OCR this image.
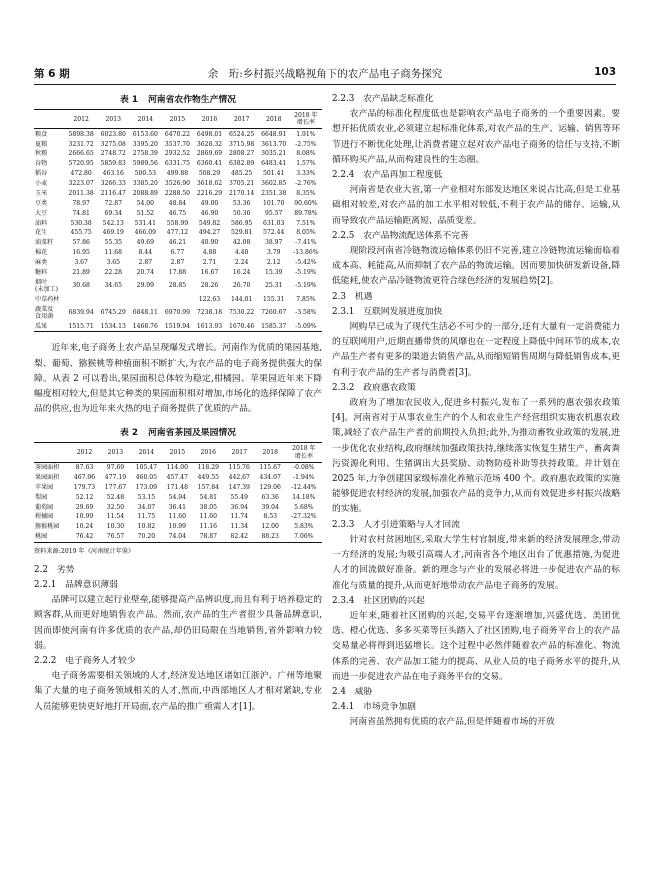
第 6 期	余　珩:乡村振兴战略视角下的农产品电子商务探究	103
表 1 河南省农作物生产情况
	2012	2013	2014	2015	2016	2017	2018	2018 年
增长率
粮食	5898.38	6023.80	6153.60	6470.22	6498.01	6524.25	6648.91	1.91%
夏粮	3231.72	3275.08	3395.20	3537.70	3628.32	3715.98	3613.70	-2.75%
秋粮	2666.65	2748.72	2758.39	2932.52	2869.69	2808.27	3035.21	8.08%
谷物	5720.95	5859.83	5989.56	6331.75	6360.41	6382.89	6483.41	1.57%
稻谷	472.80	463.16	500.53	499.88	508.29	485.25	501.41	3.33%
小麦	3223.07	3266.33	3385.20	3526.90	3618.62	3705.21	3602.85	-2.76%
玉米	2011.38	2116.47	2088.89	2288.50	2216.29	2170.14	2351.38	8.35%
豆类	78.97	72.87	54.00	48.84	49.00	53.36	101.70	90.60%
大豆	74.81	69.34	51.52	46.75	46.90	50.36	95.57	89.78%
油料	530.38	542.13	531.41	558.99	549.82	586.95	631.03	7.51%
花生	455.75	469.19	466.09	477.12	494.27	529.81	572.44	8.05%
油菜籽	57.86	55.35	49.69	46.21	40.90	42.08	38.97	-7.41%
棉花	16.95	11.68	8.44	6.77	4.88	4.40	3.79	-13.86%
麻类	3.67	3.65	2.87	2.87	2.71	2.24	2.12	-5.42%
糖料	21.89	22.28	20.74	17.88	16.67	16.24	15.39	-5.19%
烟叶
(未加工)	30.68	34.65	29.99	28.85	28.26	26.70	25.31	-5.19%
中草药材					122.63	144.01	155.31	7.85%
蔬菜及
食用菌	6839.94	6745.29	6848.11	6970.99	7238.18	7530.22	7260.67	-3.58%
瓜果	1515.71	1534.13	1468.76	1519.94	1613.93	1670.46	1585.37	-5.09%

近年来,电子商务上农产品呈现爆发式增长。河南作为优质的果园基地,梨、葡萄、猕猴桃等种植面积不断扩大,为农产品的电子商务提供强大的保障。从表 2 可以看出,果园面积总体较为稳定,柑橘园、苹果园近年来下降幅度相对较大,但是其它种类的果园面积相对增加,市场化的选择保障了农产品的供应,也为近年来火热的电子商务提供了优质的产品。

表 2 河南省茶园及果园情况
	2012	2013	2014	2015	2016	2017	2018	2018 年
增长率
茶园面积	87.63	97.69	105.47	114.00	118.29	115.76	115.67	-0.08%
果园面积	467.96	477.19	460.05	457.47	449.55	442.67	434.07	-1.94%
苹果园	179.73	177.67	173.09	171.48	157.84	147.39	129.06	-12.44%
梨园	52.12	52.48	53.15	54.94	54.81	55.49	63.36	14.18%
葡萄园	29.69	32.50	34.07	36.41	38.05	36.94	39.04	5.68%
柑橘园	10.99	11.54	11.75	11.60	11.60	11.74	8.53	-27.32%
猕猴桃园	10.24	10.30	10.82	10.99	11.16	11.34	12.00	5.83%
桃园	76.42	76.57	70.20	74.04	78.87	82.42	88.23	7.06%
资料来源:2019 年《河南统计年鉴》

2.2　劣势

2.2.1　品牌意识薄弱

品牌可以建立起行业壁垒,能够提高产品辨识度,而且有利于培养稳定的顾客群,从而更好地销售农产品。然而,农产品的生产者很少具备品牌意识,因而即使河南有许多优质的农产品,却仍旧局限在当地销售,省外影响力较弱。

2.2.2　电子商务人才较少

电子商务需要相关领域的人才,经济发达地区诸如江浙沪、广州等地聚集了大量的电子商务领域相关的人才,然而,中西部地区人才相对紧缺,专业人员能够更快更好地打开局面,农产品的推广亟需人才[1]。

2.2.3　农产品缺乏标准化

农产品的标准化程度低也是影响农产品电子商务的一个重要因素。要想开拓优质农业,必须建立起标准化体系,对农产品的生产、运输、销售等环节进行不断优化处理,让消费者建立起对农产品电子商务的信任与支持,不断循环购买产品,从而构建良性的生态圈。

2.2.4　农产品再加工程度低

河南省是农业大省,第一产业相对东部发达地区来说占比高,但是工业基础相对较差,对农产品的加工水平相对较低,不利于农产品的储存、运输,从而导致农产品运输距离短、品质变差。

2.2.5　农产品物流配送体系不完善

现阶段河南省冷链物流运输体系仍旧不完善,建立冷链物流运输面临着成本高、耗能高,从而抑制了农产品的物流运输。因而要加快研发新设备,降低能耗,使农产品冷链物流更符合绿色经济的发展趋势[2]。

2.3　机遇

2.3.1　互联网发展进度加快

网购早已成为了现代生活必不可少的一部分,还有大量有一定消费能力的互联网用户,近期直播带货的风靡也在一定程度上降低中间环节的成本,农产品生产者有更多的渠道去销售产品,从而缩短销售周期与降低销售成本,更有利于农产品的生产者与消费者[3]。

2.3.2　政府惠农政策

政府为了增加农民收入,促进乡村振兴,发布了一系列的惠农强农政策[4]。河南省对于从事农业生产的个人和农业生产经营组织实施农机惠农政策,减轻了农产品生产者的前期投入负担;此外,为推动畜牧业政策的发展,进一步优化农业结构,政府继续加强政策扶持,继续落实恢复生猪生产、畜禽粪污资源化利用、生猪调出大县奖励、动物防疫补助等扶持政策。并计划在 2025 年,力争创建国家级标准化养殖示范场 400 个。政府惠农政策的实施能够促进农村经济的发展,加强农产品的竞争力,从而有效促进乡村振兴战略的实施。

2.3.3　人才引进策略与人才回流

针对农村贫困地区,采取大学生村官制度,带来新的经济发展理念,带动一方经济的发展;为吸引高端人才,河南省各个地区出台了优惠措施,为促进人才的回流做好准备。新的理念与产业的发展必将进一步促进农产品的标准化与质量的提升,从而更好地带动农产品电子商务的发展。

2.3.4　社区团购的兴起

近年来,随着社区团购的兴起,交易平台逐渐增加,兴盛优选、美团优选、橙心优选、多多买菜等巨头踏入了社区团购,电子商务平台上的农产品交易量必将得到迅猛增长。这个过程中必然伴随着农产品的标准化、物流体系的完善、农产品加工能力的提高、从业人员的电子商务水平的提升,从而进一步促进农产品在电子商务平台的交易。

2.4　威胁

2.4.1　市场竞争加剧

河南省虽然拥有优质的农产品,但是伴随着市场的开放
